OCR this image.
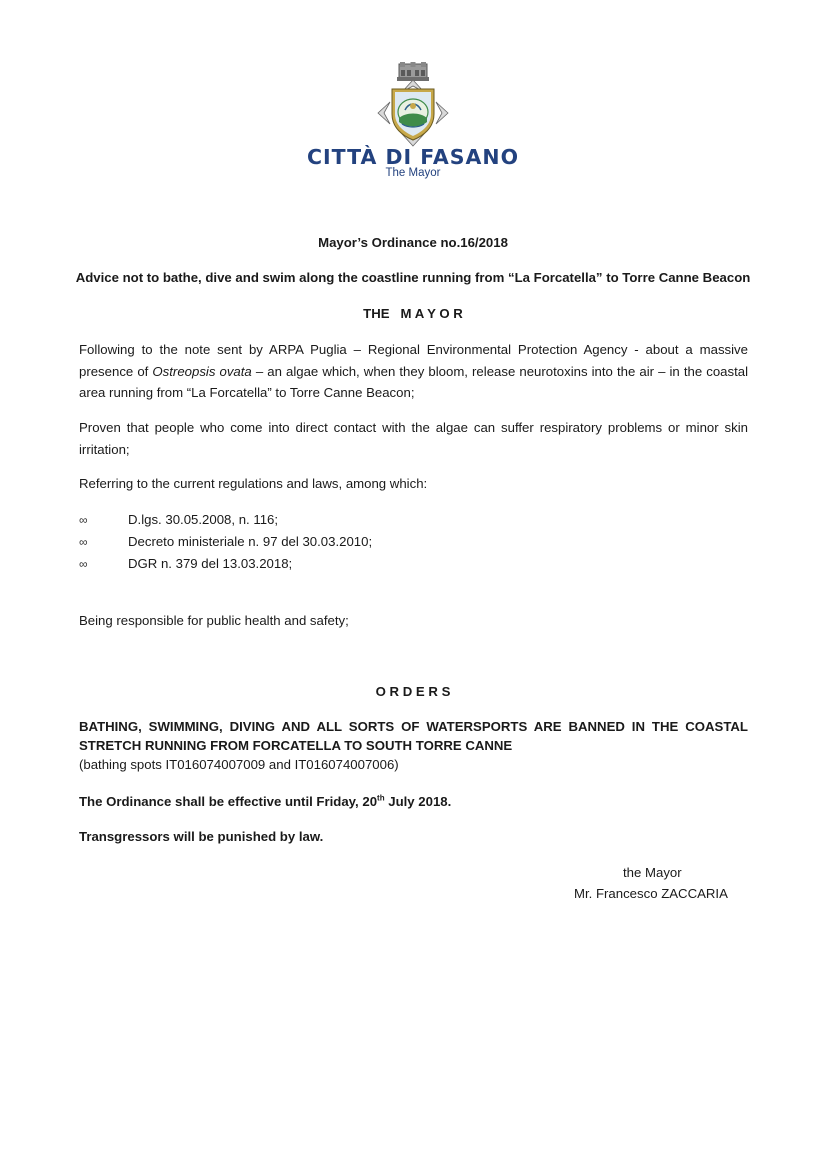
CITTÀ DI FASANO
The Mayor
Mayor’s Ordinance no.16/2018
Advice not to bathe, dive and swim along the coastline running from “La Forcatella” to Torre Canne Beacon
THE   M A Y O R
Following to the note sent by ARPA Puglia – Regional Environmental Protection Agency - about a massive presence of Ostreopsis ovata – an algae which, when they bloom, release neurotoxins into the air – in the coastal area running from “La Forcatella” to Torre Canne Beacon;
Proven that people who come into direct contact with the algae can suffer respiratory problems or minor skin irritation;
Referring to the current regulations and laws, among which:
∞	D.lgs. 30.05.2008, n. 116;
∞	Decreto ministeriale n. 97 del 30.03.2010;
∞	DGR n. 379 del 13.03.2018;
Being responsible for public health and safety;
O R D E R S
BATHING, SWIMMING, DIVING AND ALL SORTS OF WATERSPORTS ARE BANNED IN THE COASTAL STRETCH RUNNING FROM FORCATELLA TO SOUTH TORRE CANNE
(bathing spots IT016074007009 and IT016074007006)
The Ordinance shall be effective until Friday, 20th July 2018.
Transgressors will be punished by law.
the Mayor
Mr. Francesco ZACCARIA
